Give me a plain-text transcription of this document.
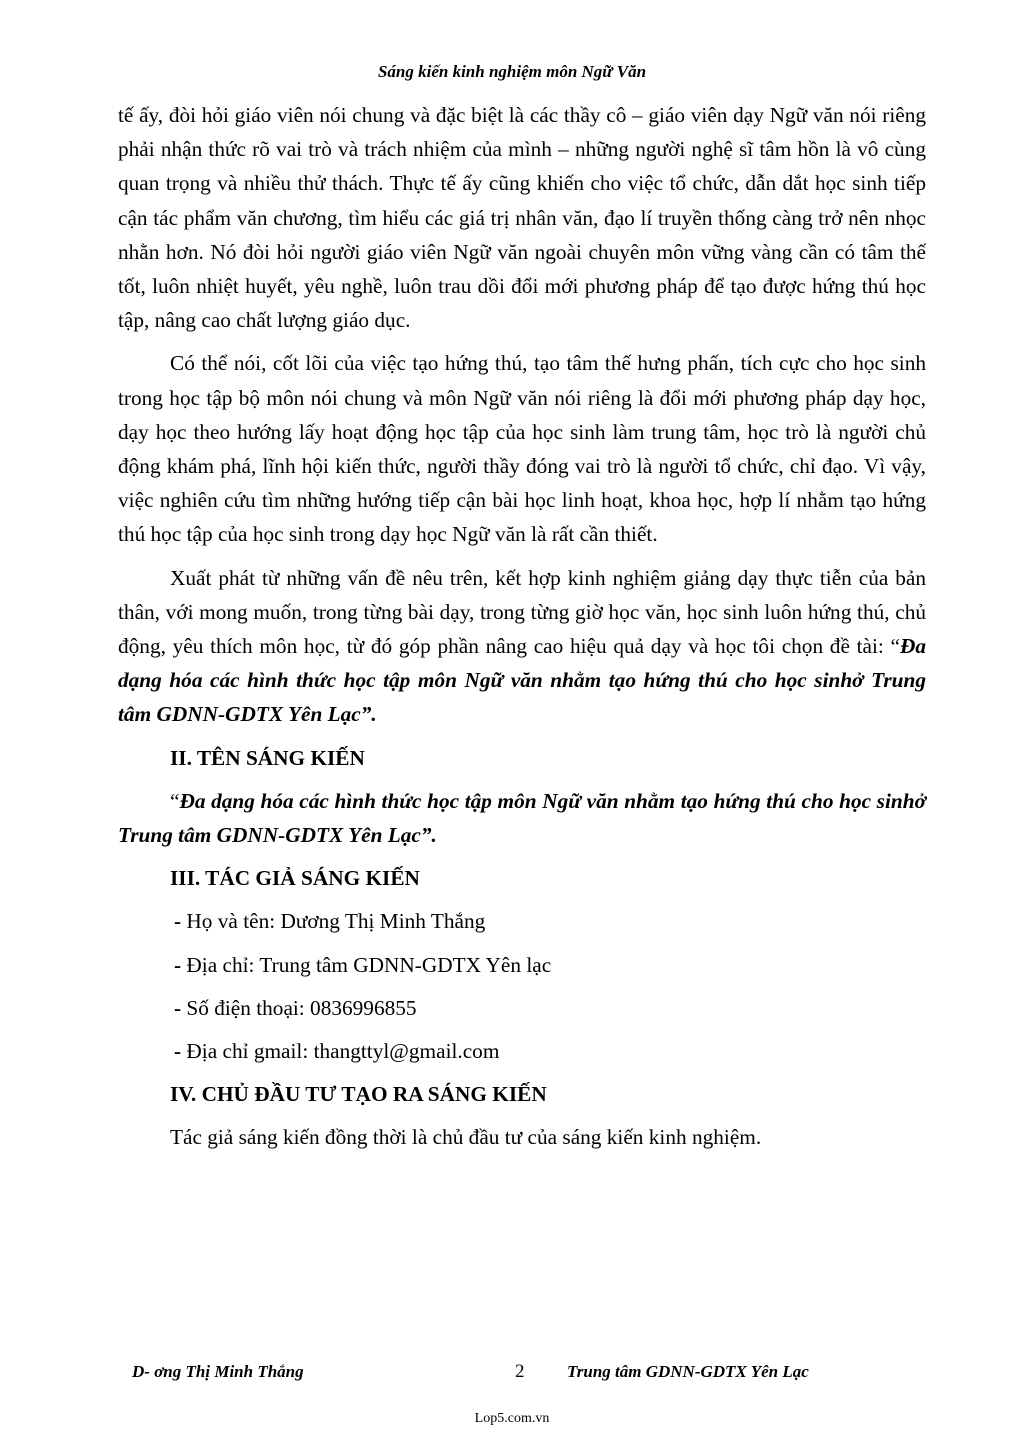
Sáng kiến kinh nghiệm môn Ngữ Văn

tế ấy, đòi hỏi giáo viên nói chung và đặc biệt là các thầy cô – giáo viên dạy Ngữ văn nói riêng phải nhận thức rõ vai trò và trách nhiệm của mình – những người nghệ sĩ tâm hồn là vô cùng quan trọng và nhiều thử thách. Thực tế ấy cũng khiến cho việc tổ chức, dẫn dắt học sinh tiếp cận tác phẩm văn chương, tìm hiểu các giá trị nhân văn, đạo lí truyền thống càng trở nên nhọc nhằn hơn. Nó đòi hỏi người giáo viên Ngữ văn ngoài chuyên môn vững vàng cần có tâm thế tốt, luôn nhiệt huyết, yêu nghề, luôn trau dồi đổi mới phương pháp để tạo được hứng thú học tập, nâng cao chất lượng giáo dục.

Có thể nói, cốt lõi của việc tạo hứng thú, tạo tâm thế hưng phấn, tích cực cho học sinh trong học tập bộ môn nói chung và môn Ngữ văn nói riêng là đổi mới phương pháp dạy học, dạy học theo hướng lấy hoạt động học tập của học sinh làm trung tâm, học trò là người chủ động khám phá, lĩnh hội kiến thức, người thầy đóng vai trò là người tổ chức, chỉ đạo. Vì vậy, việc nghiên cứu tìm những hướng tiếp cận bài học linh hoạt, khoa học, hợp lí nhằm tạo hứng thú học tập của học sinh trong dạy học Ngữ văn là rất cần thiết.

Xuất phát từ những vấn đề nêu trên, kết hợp kinh nghiệm giảng dạy thực tiễn của bản thân, với mong muốn, trong từng bài dạy, trong từng giờ học văn, học sinh luôn hứng thú, chủ động, yêu thích môn học, từ đó góp phần nâng cao hiệu quả dạy và học tôi chọn đề tài: “Đa dạng hóa các hình thức học tập môn Ngữ văn nhằm tạo hứng thú cho học sinhở Trung tâm GDNN-GDTX Yên Lạc”.

II. TÊN SÁNG KIẾN

“Đa dạng hóa các hình thức học tập môn Ngữ văn nhằm tạo hứng thú cho học sinhở Trung tâm GDNN-GDTX Yên Lạc”.

III. TÁC GIẢ SÁNG KIẾN

- Họ và tên: Dương Thị Minh Thắng

- Địa chỉ: Trung tâm GDNN-GDTX Yên lạc

- Số điện thoại: 0836996855

- Địa chỉ gmail: thangttyl@gmail.com

IV. CHỦ ĐẦU TƯ TẠO RA SÁNG KIẾN

Tác giả sáng kiến đồng thời là chủ đầu tư của sáng kiến kinh nghiệm.

D- ơng Thị Minh Thắng	2	Trung tâm GDNN-GDTX Yên Lạc
Lop5.com.vn
